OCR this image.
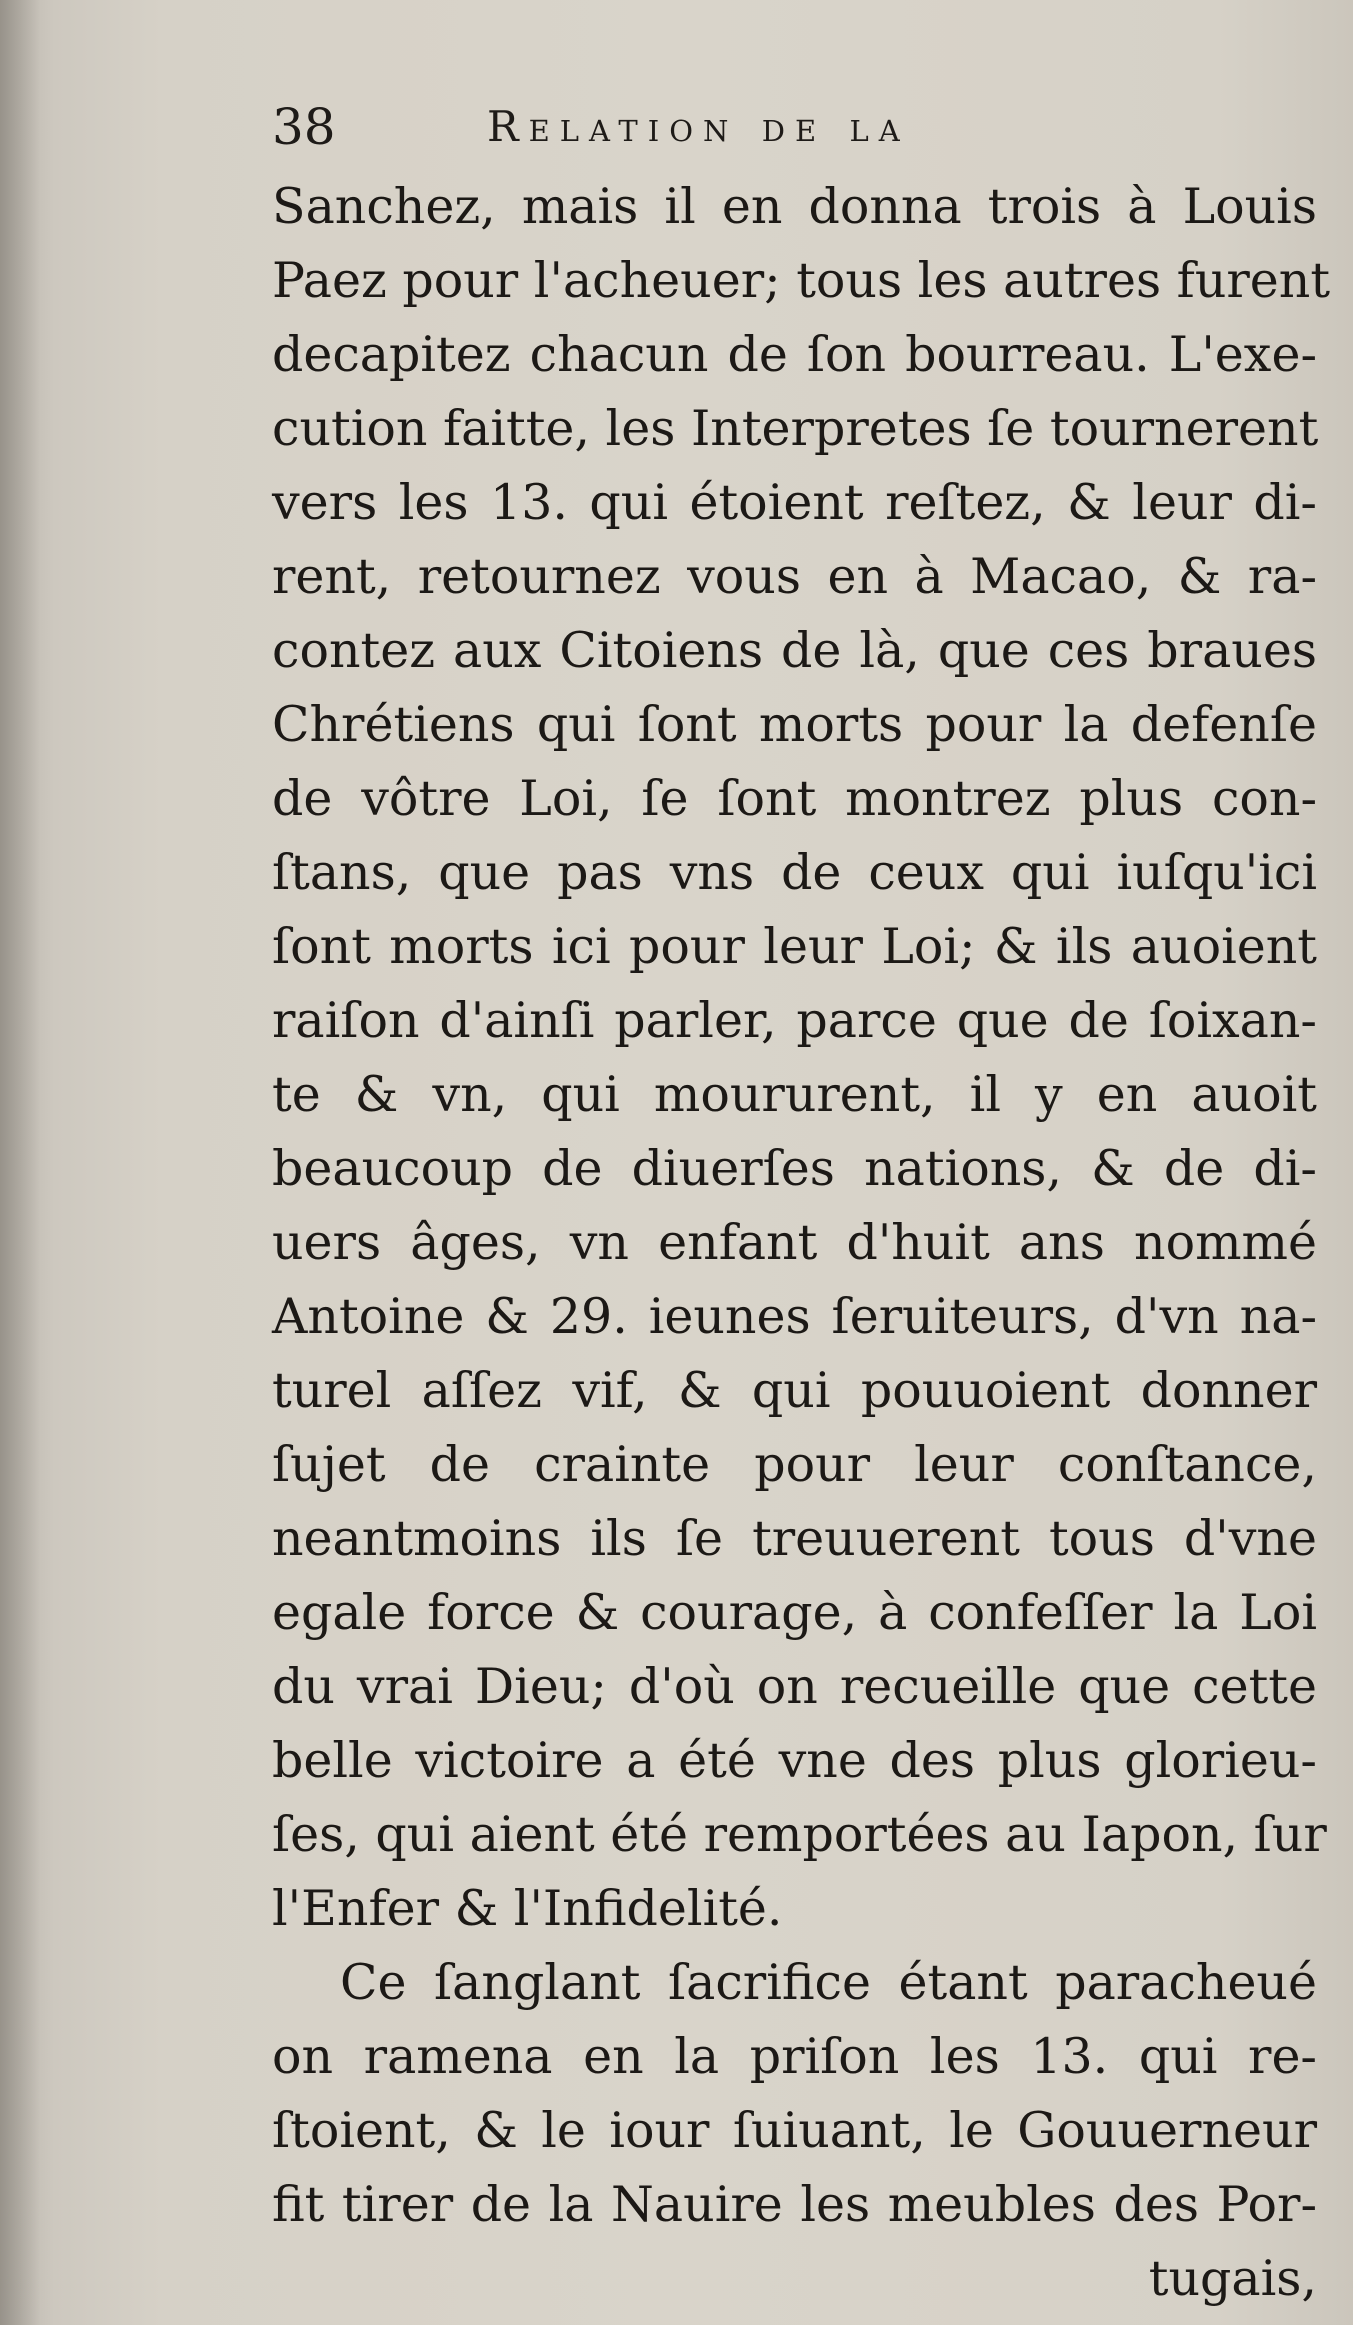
38	Relation de la
Sanchez, mais il en donna trois à Louis
Paez pour l'acheuer; tous les autres furent
decapitez chacun de ſon bourreau. L'exe-
cution faitte, les Interpretes ſe tournerent
vers les 13. qui étoient reſtez, & leur di-
rent, retournez vous en à Macao, & ra-
contez aux Citoiens de là, que ces braues
Chrétiens qui ſont morts pour la defenſe
de vôtre Loi, ſe ſont montrez plus con-
ſtans, que pas vns de ceux qui iuſqu'ici
ſont morts ici pour leur Loi; & ils auoient
raiſon d'ainſi parler, parce que de ſoixan-
te & vn, qui moururent, il y en auoit
beaucoup de diuerſes nations, & de di-
uers âges, vn enfant d'huit ans nommé
Antoine & 29. ieunes ſeruiteurs, d'vn na-
turel aſſez vif, & qui pouuoient donner
ſujet de crainte pour leur conſtance,
neantmoins ils ſe treuuerent tous d'vne
egale force & courage, à confeſſer la Loi
du vrai Dieu; d'où on recueille que cette
belle victoire a été vne des plus glorieu-
ſes, qui aient été remportées au Iapon, ſur
l'Enfer & l'Infidelité.
Ce ſanglant ſacrifice étant paracheué
on ramena en la priſon les 13. qui re-
ſtoient, & le iour ſuiuant, le Gouuerneur
fit tirer de la Nauire les meubles des Por-
tugais,
